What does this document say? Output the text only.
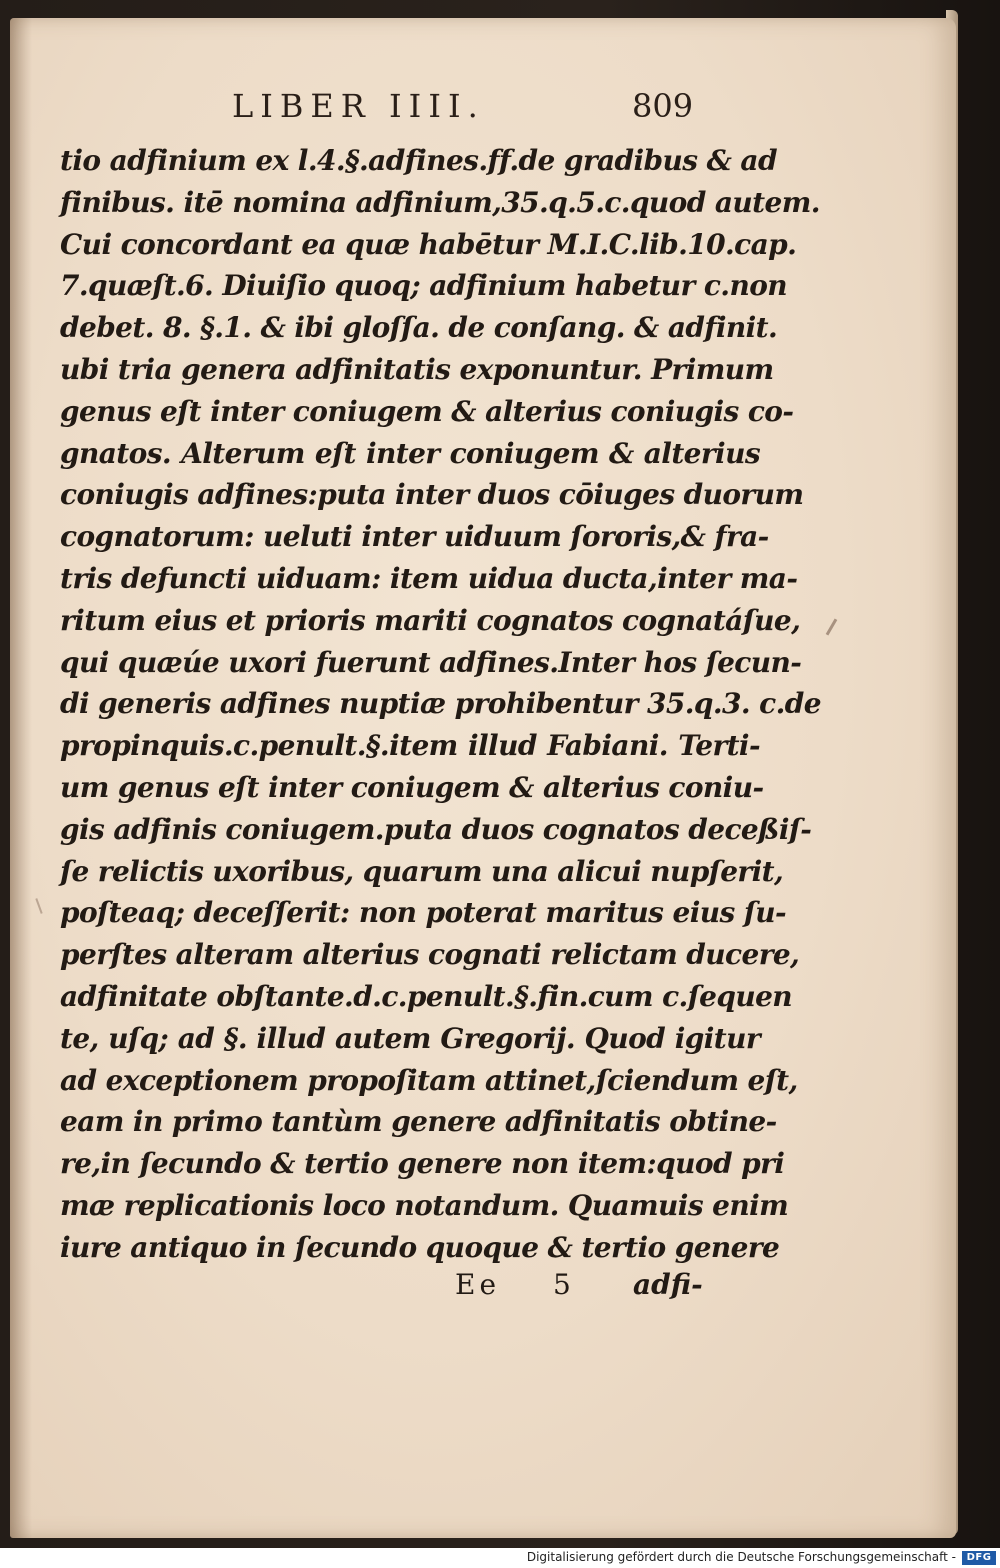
LIBER IIII.	809
tio adfinium ex l.4.§.adfines.ff.de gradibus & ad
finibus. itē nomina adfinium,35.q.5.c.quod autem.
Cui concordant ea quæ habētur M.I.C.lib.10.cap.
7.quæſt.6. Diuiſio quoq; adfinium habetur c.non
debet. 8. §.1. & ibi gloſſa. de conſang. & adfinit.
ubi tria genera adfinitatis exponuntur. Primum
genus eſt inter coniugem & alterius coniugis co-
gnatos. Alterum eſt inter coniugem & alterius
coniugis adfines:puta inter duos cōiuges duorum
cognatorum: ueluti inter uiduum ſororis,& fra-
tris defuncti uiduam: item uidua ducta,inter ma-
ritum eius et prioris mariti cognatos cognatáſue,
qui quæúe uxori fuerunt adfines.Inter hos ſecun-
di generis adfines nuptiæ prohibentur 35.q.3. c.de
propinquis.c.penult.§.item illud Fabiani. Terti-
um genus eſt inter coniugem & alterius coniu-
gis adfinis coniugem.puta duos cognatos deceßiſ-
ſe relictis uxoribus, quarum una alicui nupſerit,
poſteaq; deceſſerit: non poterat maritus eius ſu-
perſtes alteram alterius cognati relictam ducere,
adfinitate obſtante.d.c.penult.§.fin.cum c.ſequen
te, uſq; ad §. illud autem Gregorij. Quod igitur
ad exceptionem propoſitam attinet,ſciendum eſt,
eam in primo tantùm genere adfinitatis obtine-
re,in ſecundo & tertio genere non item:quod pri
mæ replicationis loco notandum. Quamuis enim
iure antiquo in ſecundo quoque & tertio genere
Ee 5 adfi-
Digitalisierung gefördert durch die Deutsche Forschungsgemeinschaft -	DFG
